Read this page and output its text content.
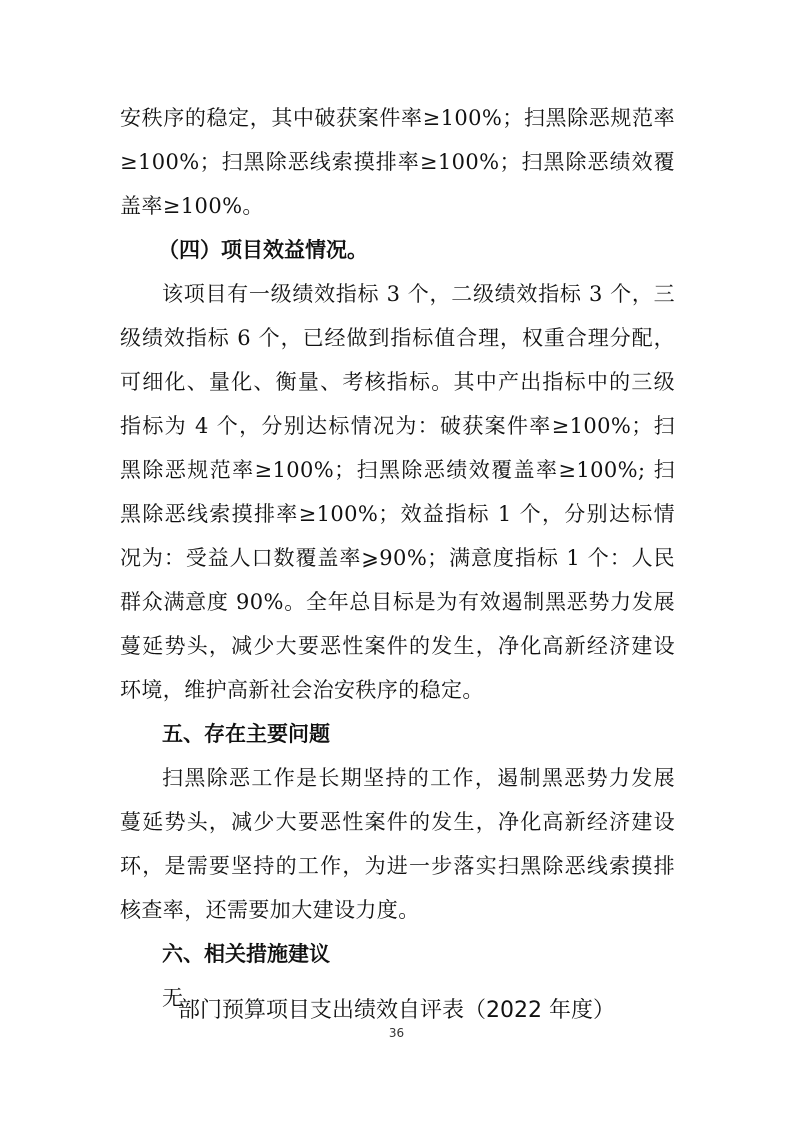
安秩序的稳定，其中破获案件率≥100%；扫黑除恶规范率≥100%；扫黑除恶线索摸排率≥100%；扫黑除恶绩效覆盖率≥100%。

（四）项目效益情况。

该项目有一级绩效指标 3 个，二级绩效指标 3 个，三级绩效指标 6 个，已经做到指标值合理，权重合理分配，可细化、量化、衡量、考核指标。其中产出指标中的三级指标为 4 个，分别达标情况为：破获案件率≥100%；扫黑除恶规范率≥100%；扫黑除恶绩效覆盖率≥100%; 扫黑除恶线索摸排率≥100%；效益指标 1 个，分别达标情况为：受益人口数覆盖率⩾90%；满意度指标 1 个：人民群众满意度 90%。全年总目标是为有效遏制黑恶势力发展蔓延势头，减少大要恶性案件的发生，净化高新经济建设环境，维护高新社会治安秩序的稳定。

五、存在主要问题

扫黑除恶工作是长期坚持的工作，遏制黑恶势力发展蔓延势头，减少大要恶性案件的发生，净化高新经济建设环，是需要坚持的工作，为进一步落实扫黑除恶线索摸排核查率，还需要加大建设力度。

六、相关措施建议

无

部门预算项目支出绩效自评表（2022 年度）
36
